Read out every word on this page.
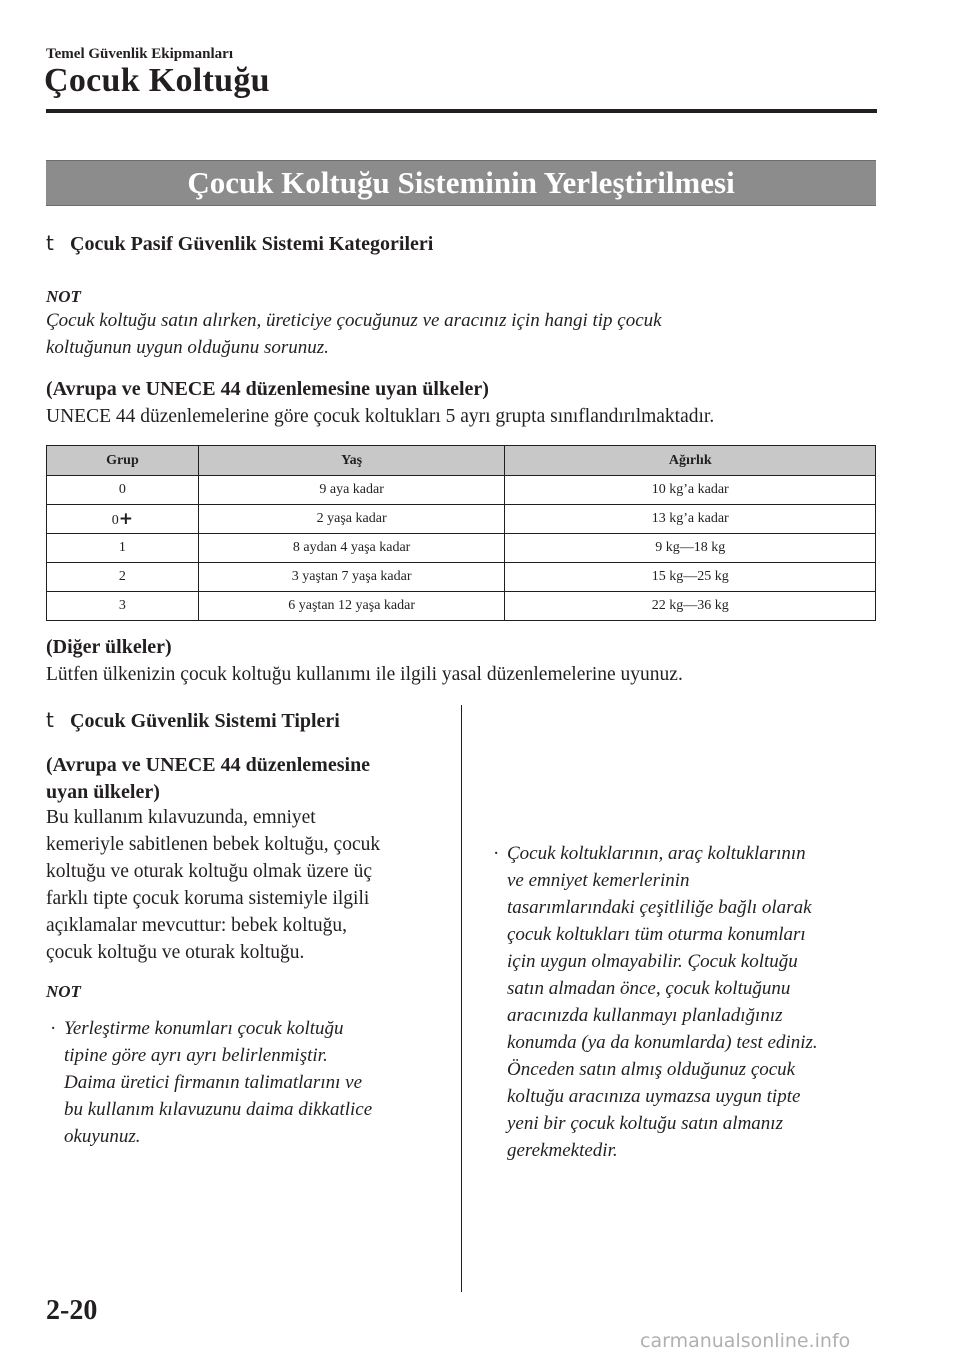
Temel Güvenlik Ekipmanları
Çocuk Koltuğu
Çocuk Koltuğu Sisteminin Yerleştirilmesi
t Çocuk Pasif Güvenlik Sistemi Kategorileri
NOT
Çocuk koltuğu satın alırken, üreticiye çocuğunuz ve aracınız için hangi tip çocuk
koltuğunun uygun olduğunu sorunuz.
(Avrupa ve UNECE 44 düzenlemesine uyan ülkeler)
UNECE 44 düzenlemelerine göre çocuk koltukları 5 ayrı grupta sınıflandırılmaktadır.
Grup	Yaş	Ağırlık
0	9 aya kadar	10 kg’a kadar
0+	2 yaşa kadar	13 kg’a kadar
1	8 aydan 4 yaşa kadar	9 kg—18 kg
2	3 yaştan 7 yaşa kadar	15 kg—25 kg
3	6 yaştan 12 yaşa kadar	22 kg—36 kg
(Diğer ülkeler)
Lütfen ülkenizin çocuk koltuğu kullanımı ile ilgili yasal düzenlemelerine uyunuz.
t Çocuk Güvenlik Sistemi Tipleri
(Avrupa ve UNECE 44 düzenlemesine
uyan ülkeler)
Bu kullanım kılavuzunda, emniyet
kemeriyle sabitlenen bebek koltuğu, çocuk
koltuğu ve oturak koltuğu olmak üzere üç
farklı tipte çocuk koruma sistemiyle ilgili
açıklamalar mevcuttur: bebek koltuğu,
çocuk koltuğu ve oturak koltuğu.
NOT
· Yerleştirme konumları çocuk koltuğu
tipine göre ayrı ayrı belirlenmiştir.
Daima üretici firmanın talimatlarını ve
bu kullanım kılavuzunu daima dikkatlice
okuyunuz.
· Çocuk koltuklarının, araç koltuklarının
ve emniyet kemerlerinin
tasarımlarındaki çeşitliliğe bağlı olarak
çocuk koltukları tüm oturma konumları
için uygun olmayabilir. Çocuk koltuğu
satın almadan önce, çocuk koltuğunu
aracınızda kullanmayı planladığınız
konumda (ya da konumlarda) test ediniz.
Önceden satın almış olduğunuz çocuk
koltuğu aracınıza uymazsa uygun tipte
yeni bir çocuk koltuğu satın almanız
gerekmektedir.
2-20
carmanualsonline.info
